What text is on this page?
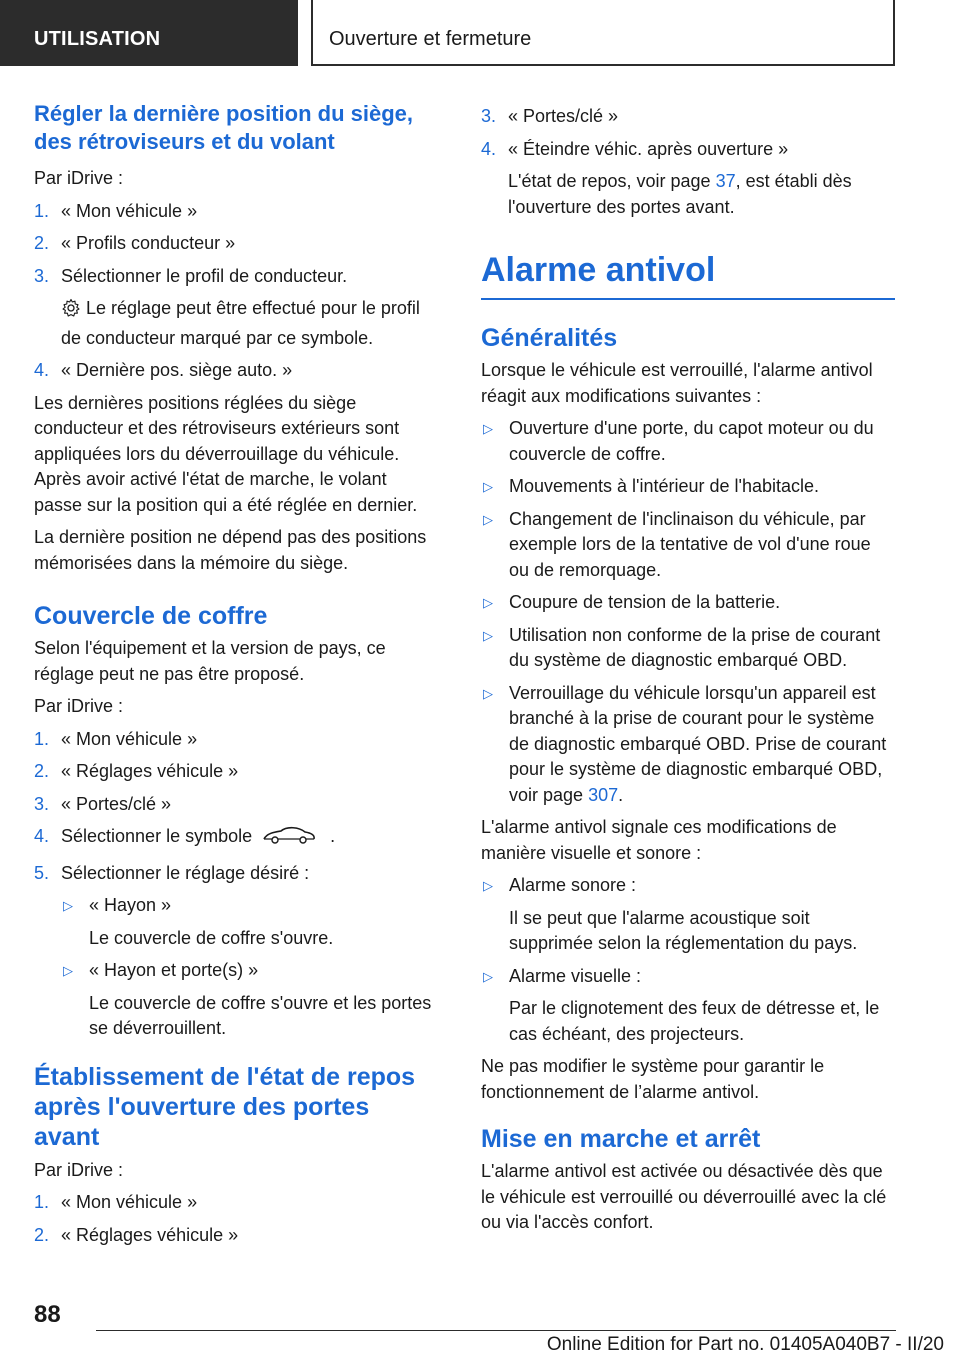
UTILISATION	Ouverture et fermeture
Régler la dernière position du siège, des rétroviseurs et du volant

Par iDrive :

1. « Mon véhicule »
2. « Profils conducteur »
3. Sélectionner le profil de conducteur.
Le réglage peut être effectué pour le profil de conducteur marqué par ce symbole.
4. « Dernière pos. siège auto. »

Les dernières positions réglées du siège conducteur et des rétroviseurs extérieurs sont appliquées lors du déverrouillage du véhicule. Après avoir activé l'état de marche, le volant passe sur la position qui a été réglée en dernier.

La dernière position ne dépend pas des positions mémorisées dans la mémoire du siège.

Couvercle de coffre

Selon l'équipement et la version de pays, ce réglage peut ne pas être proposé.

Par iDrive :

1. « Mon véhicule »
2. « Réglages véhicule »
3. « Portes/clé »
4. Sélectionner le symbole	.
5. Sélectionner le réglage désiré :
▷ « Hayon »

Le couvercle de coffre s'ouvre.

▷ « Hayon et porte(s) »

Le couvercle de coffre s'ouvre et les portes se déverrouillent.

Établissement de l'état de repos après l'ouverture des portes avant

Par iDrive :

1. « Mon véhicule »
2. « Réglages véhicule »
3. « Portes/clé »
4. « Éteindre véhic. après ouverture »

L'état de repos, voir page 37, est établi dès l'ouverture des portes avant.

Alarme antivol
Généralités

Lorsque le véhicule est verrouillé, l'alarme antivol réagit aux modifications suivantes :

▷ Ouverture d'une porte, du capot moteur ou du couvercle de coffre.
▷ Mouvements à l'intérieur de l'habitacle.
▷ Changement de l'inclinaison du véhicule, par exemple lors de la tentative de vol d'une roue ou de remorquage.
▷ Coupure de tension de la batterie.
▷ Utilisation non conforme de la prise de courant du système de diagnostic embarqué OBD.
▷ Verrouillage du véhicule lorsqu'un appareil est branché à la prise de courant pour le système de diagnostic embarqué OBD. Prise de courant pour le système de diagnostic embarqué OBD, voir page 307.

L'alarme antivol signale ces modifications de manière visuelle et sonore :

▷ Alarme sonore :

Il se peut que l'alarme acoustique soit supprimée selon la réglementation du pays.

▷ Alarme visuelle :

Par le clignotement des feux de détresse et, le cas échéant, des projecteurs.

Ne pas modifier le système pour garantir le fonctionnement de l’alarme antivol.

Mise en marche et arrêt

L'alarme antivol est activée ou désactivée dès que le véhicule est verrouillé ou déverrouillé avec la clé ou via l'accès confort.

88
Online Edition for Part no. 01405A040B7 - II/20
